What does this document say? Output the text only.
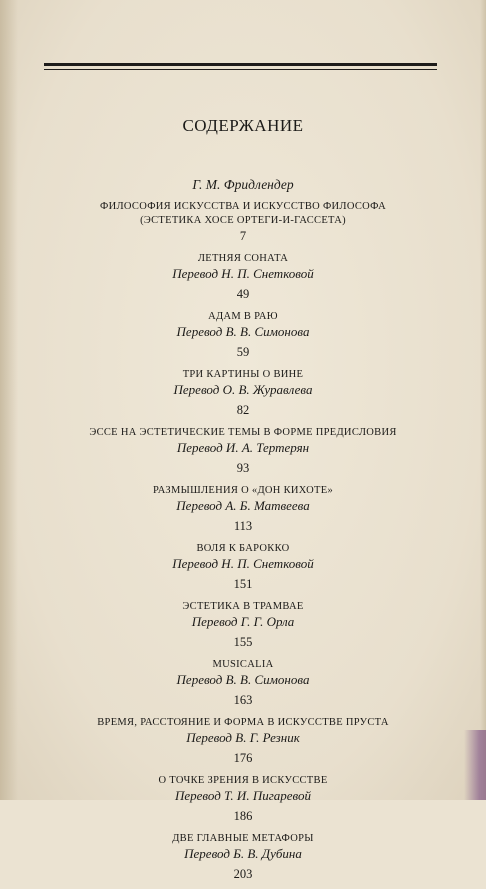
СОДЕРЖАНИЕ
Г. М. Фридлендер
ФИЛОСОФИЯ ИСКУССТВА И ИСКУССТВО ФИЛОСОФА
(ЭСТЕТИКА ХОСЕ ОРТЕГИ-И-ГАССЕТА)
7
ЛЕТНЯЯ СОНАТА
Перевод Н. П. Снетковой
49
АДАМ В РАЮ
Перевод В. В. Симонова
59
ТРИ КАРТИНЫ О ВИНЕ
Перевод О. В. Журавлева
82
ЭССЕ НА ЭСТЕТИЧЕСКИЕ ТЕМЫ В ФОРМЕ ПРЕДИСЛОВИЯ
Перевод И. А. Тертерян
93
РАЗМЫШЛЕНИЯ О «ДОН КИХОТЕ»
Перевод А. Б. Матвеева
113
ВОЛЯ К БАРОККО
Перевод Н. П. Снетковой
151
ЭСТЕТИКА В ТРАМВАЕ
Перевод Г. Г. Орла
155
MUSICALIA
Перевод В. В. Симонова
163
ВРЕМЯ, РАССТОЯНИЕ И ФОРМА В ИСКУССТВЕ ПРУСТА
Перевод В. Г. Резник
176
О ТОЧКЕ ЗРЕНИЯ В ИСКУССТВЕ
Перевод Т. И. Пигаревой
186
ДВЕ ГЛАВНЫЕ МЕТАФОРЫ
Перевод Б. В. Дубина
203
